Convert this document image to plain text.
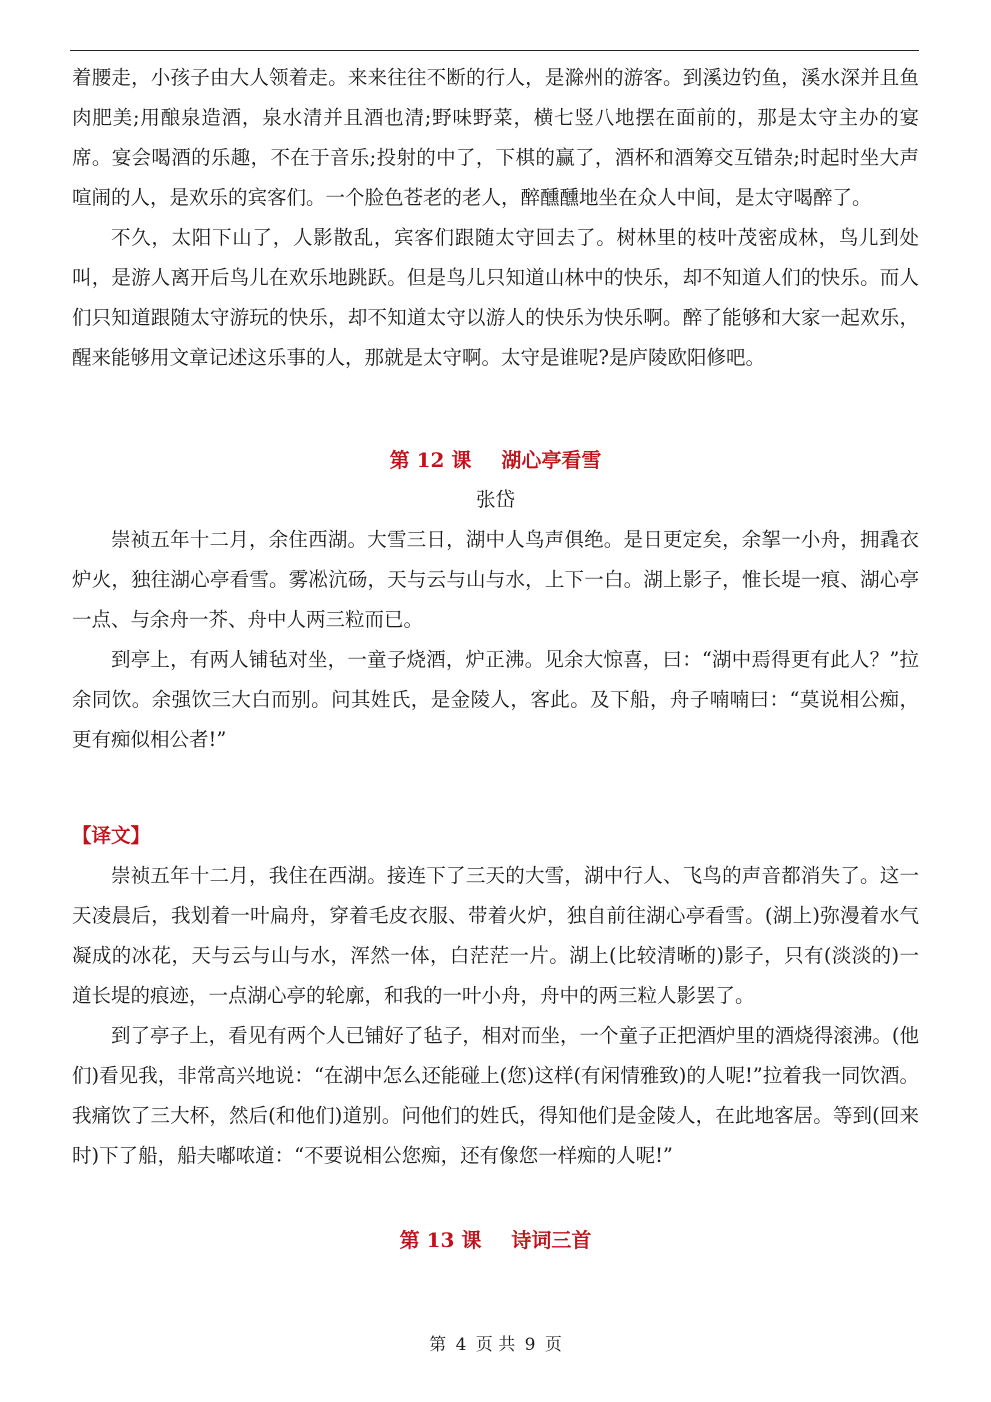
着腰走，小孩子由大人领着走。来来往往不断的行人，是滁州的游客。到溪边钓鱼，溪水深并且鱼肉肥美;用酿泉造酒，泉水清并且酒也清;野味野菜，横七竖八地摆在面前的，那是太守主办的宴席。宴会喝酒的乐趣，不在于音乐;投射的中了，下棋的赢了，酒杯和酒筹交互错杂;时起时坐大声喧闹的人，是欢乐的宾客们。一个脸色苍老的老人，醉醺醺地坐在众人中间，是太守喝醉了。

不久，太阳下山了，人影散乱，宾客们跟随太守回去了。树林里的枝叶茂密成林，鸟儿到处叫，是游人离开后鸟儿在欢乐地跳跃。但是鸟儿只知道山林中的快乐，却不知道人们的快乐。而人们只知道跟随太守游玩的快乐，却不知道太守以游人的快乐为快乐啊。醉了能够和大家一起欢乐，醒来能够用文章记述这乐事的人，那就是太守啊。太守是谁呢?是庐陵欧阳修吧。

第 12 课 湖心亭看雪
张岱

崇祯五年十二月，余住西湖。大雪三日，湖中人鸟声俱绝。是日更定矣，余挐一小舟，拥毳衣炉火，独往湖心亭看雪。雾凇沆砀，天与云与山与水，上下一白。湖上影子，惟长堤一痕、湖心亭一点、与余舟一芥、舟中人两三粒而已。

到亭上，有两人铺毡对坐，一童子烧酒，炉正沸。见余大惊喜，曰：“湖中焉得更有此人？”拉余同饮。余强饮三大白而别。问其姓氏，是金陵人，客此。及下船，舟子喃喃曰：“莫说相公痴，更有痴似相公者!”

【译文】

崇祯五年十二月，我住在西湖。接连下了三天的大雪，湖中行人、飞鸟的声音都消失了。这一天凌晨后，我划着一叶扁舟，穿着毛皮衣服、带着火炉，独自前往湖心亭看雪。(湖上)弥漫着水气凝成的冰花，天与云与山与水，浑然一体，白茫茫一片。湖上(比较清晰的)影子，只有(淡淡的)一道长堤的痕迹，一点湖心亭的轮廓，和我的一叶小舟，舟中的两三粒人影罢了。

到了亭子上，看见有两个人已铺好了毡子，相对而坐，一个童子正把酒炉里的酒烧得滚沸。(他们)看见我，非常高兴地说：“在湖中怎么还能碰上(您)这样(有闲情雅致)的人呢!”拉着我一同饮酒。我痛饮了三大杯，然后(和他们)道别。问他们的姓氏，得知他们是金陵人，在此地客居。等到(回来时)下了船，船夫嘟哝道：“不要说相公您痴，还有像您一样痴的人呢!”

第 13 课 诗词三首
第 4 页 共 9 页
